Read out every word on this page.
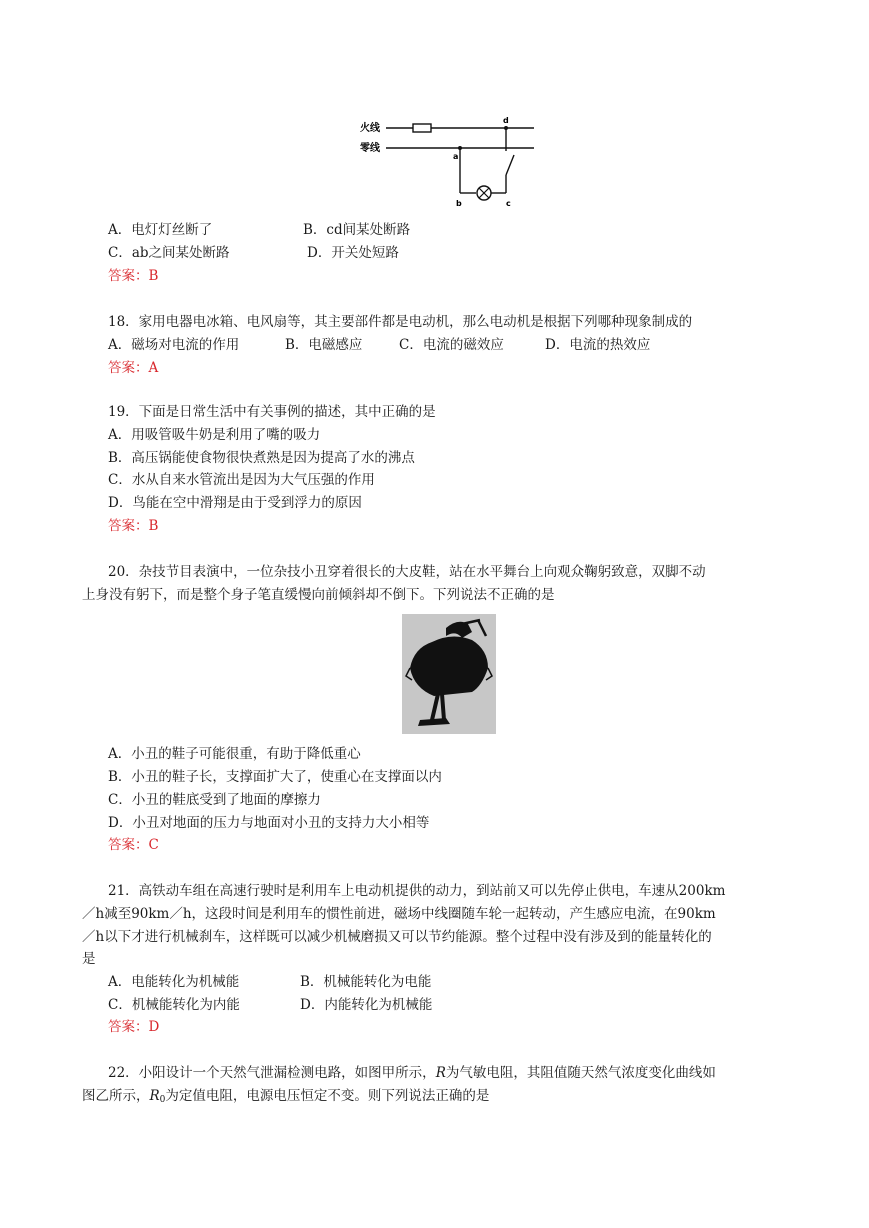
火线
零线
a
d
b	c
A．电灯灯丝断了	B．cd间某处断路
C．ab之间某处断路	D．开关处短路
答案：B
18．家用电器电冰箱、电风扇等，其主要部件都是电动机，那么电动机是根据下列哪种现象制成的
A．磁场对电流的作用	B．电磁感应	C．电流的磁效应	D．电流的热效应
答案：A
19．下面是日常生活中有关事例的描述，其中正确的是
A．用吸管吸牛奶是利用了嘴的吸力
B．高压锅能使食物很快煮熟是因为提高了水的沸点
C．水从自来水管流出是因为大气压强的作用
D．鸟能在空中滑翔是由于受到浮力的原因
答案：B
20．杂技节目表演中，一位杂技小丑穿着很长的大皮鞋，站在水平舞台上向观众鞠躬致意，双脚不动
上身没有躬下，而是整个身子笔直缓慢向前倾斜却不倒下。下列说法不正确的是
A．小丑的鞋子可能很重，有助于降低重心
B．小丑的鞋子长，支撑面扩大了，使重心在支撑面以内
C．小丑的鞋底受到了地面的摩擦力
D．小丑对地面的压力与地面对小丑的支持力大小相等
答案：C
21．高铁动车组在高速行驶时是利用车上电动机提供的动力，到站前又可以先停止供电，车速从200km
／h减至90km／h，这段时间是利用车的惯性前进，磁场中线圈随车轮一起转动，产生感应电流，在90km
／h以下才进行机械刹车，这样既可以减少机械磨损又可以节约能源。整个过程中没有涉及到的能量转化的
是
A．电能转化为机械能	B．机械能转化为电能
C．机械能转化为内能	D．内能转化为机械能
答案：D
22．小阳设计一个天然气泄漏检测电路，如图甲所示，R为气敏电阻，其阻值随天然气浓度变化曲线如
图乙所示，$R_0$为定值电阻，电源电压恒定不变。则下列说法正确的是
